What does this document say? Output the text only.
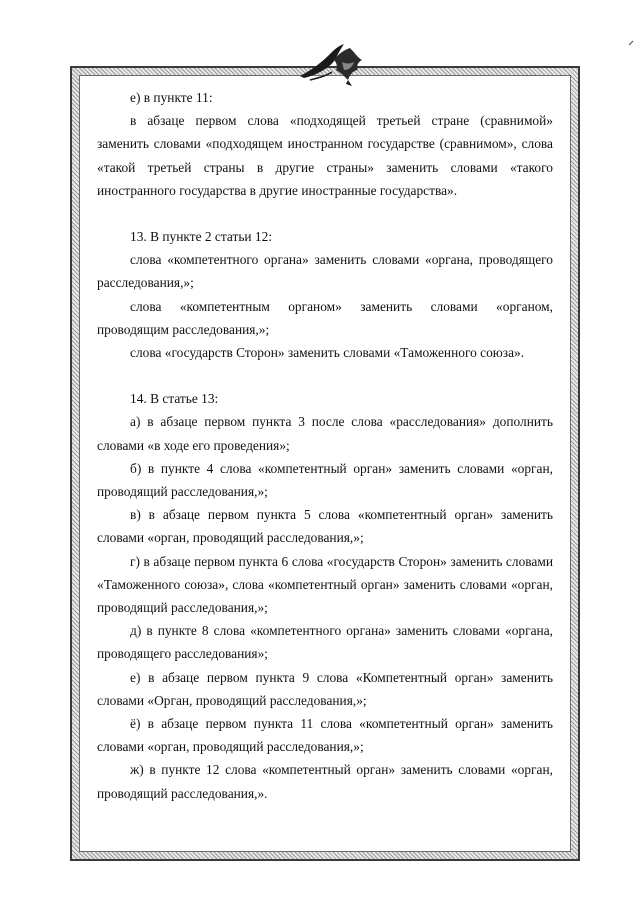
е) в пункте 11:

в абзаце первом слова «подходящей третьей стране (сравнимой» заменить словами «подходящем иностранном государстве (сравнимом», слова «такой третьей страны в другие страны» заменить словами «такого иностранного государства в другие иностранные государства».

13. В пункте 2 статьи 12:

слова «компетентного органа» заменить словами «органа, проводящего расследования,»;

слова «компетентным органом» заменить словами «органом, проводящим расследования,»;

слова «государств Сторон» заменить словами «Таможенного союза».

14. В статье 13:

а) в абзаце первом пункта 3 после слова «расследования» дополнить словами «в ходе его проведения»;

б) в пункте 4 слова «компетентный орган» заменить словами «орган, проводящий расследования,»;

в) в абзаце первом пункта 5 слова «компетентный орган» заменить словами «орган, проводящий расследования,»;

г) в абзаце первом пункта 6 слова «государств Сторон» заменить словами «Таможенного союза», слова «компетентный орган» заменить словами «орган, проводящий расследования,»;

д) в пункте 8 слова «компетентного органа» заменить словами «органа, проводящего расследования»;

е) в абзаце первом пункта 9 слова «Компетентный орган» заменить словами «Орган, проводящий расследования,»;

ё) в абзаце первом пункта 11 слова «компетентный орган» заменить словами «орган, проводящий расследования,»;

ж) в пункте 12 слова «компетентный орган» заменить словами «орган, проводящий расследования,».
